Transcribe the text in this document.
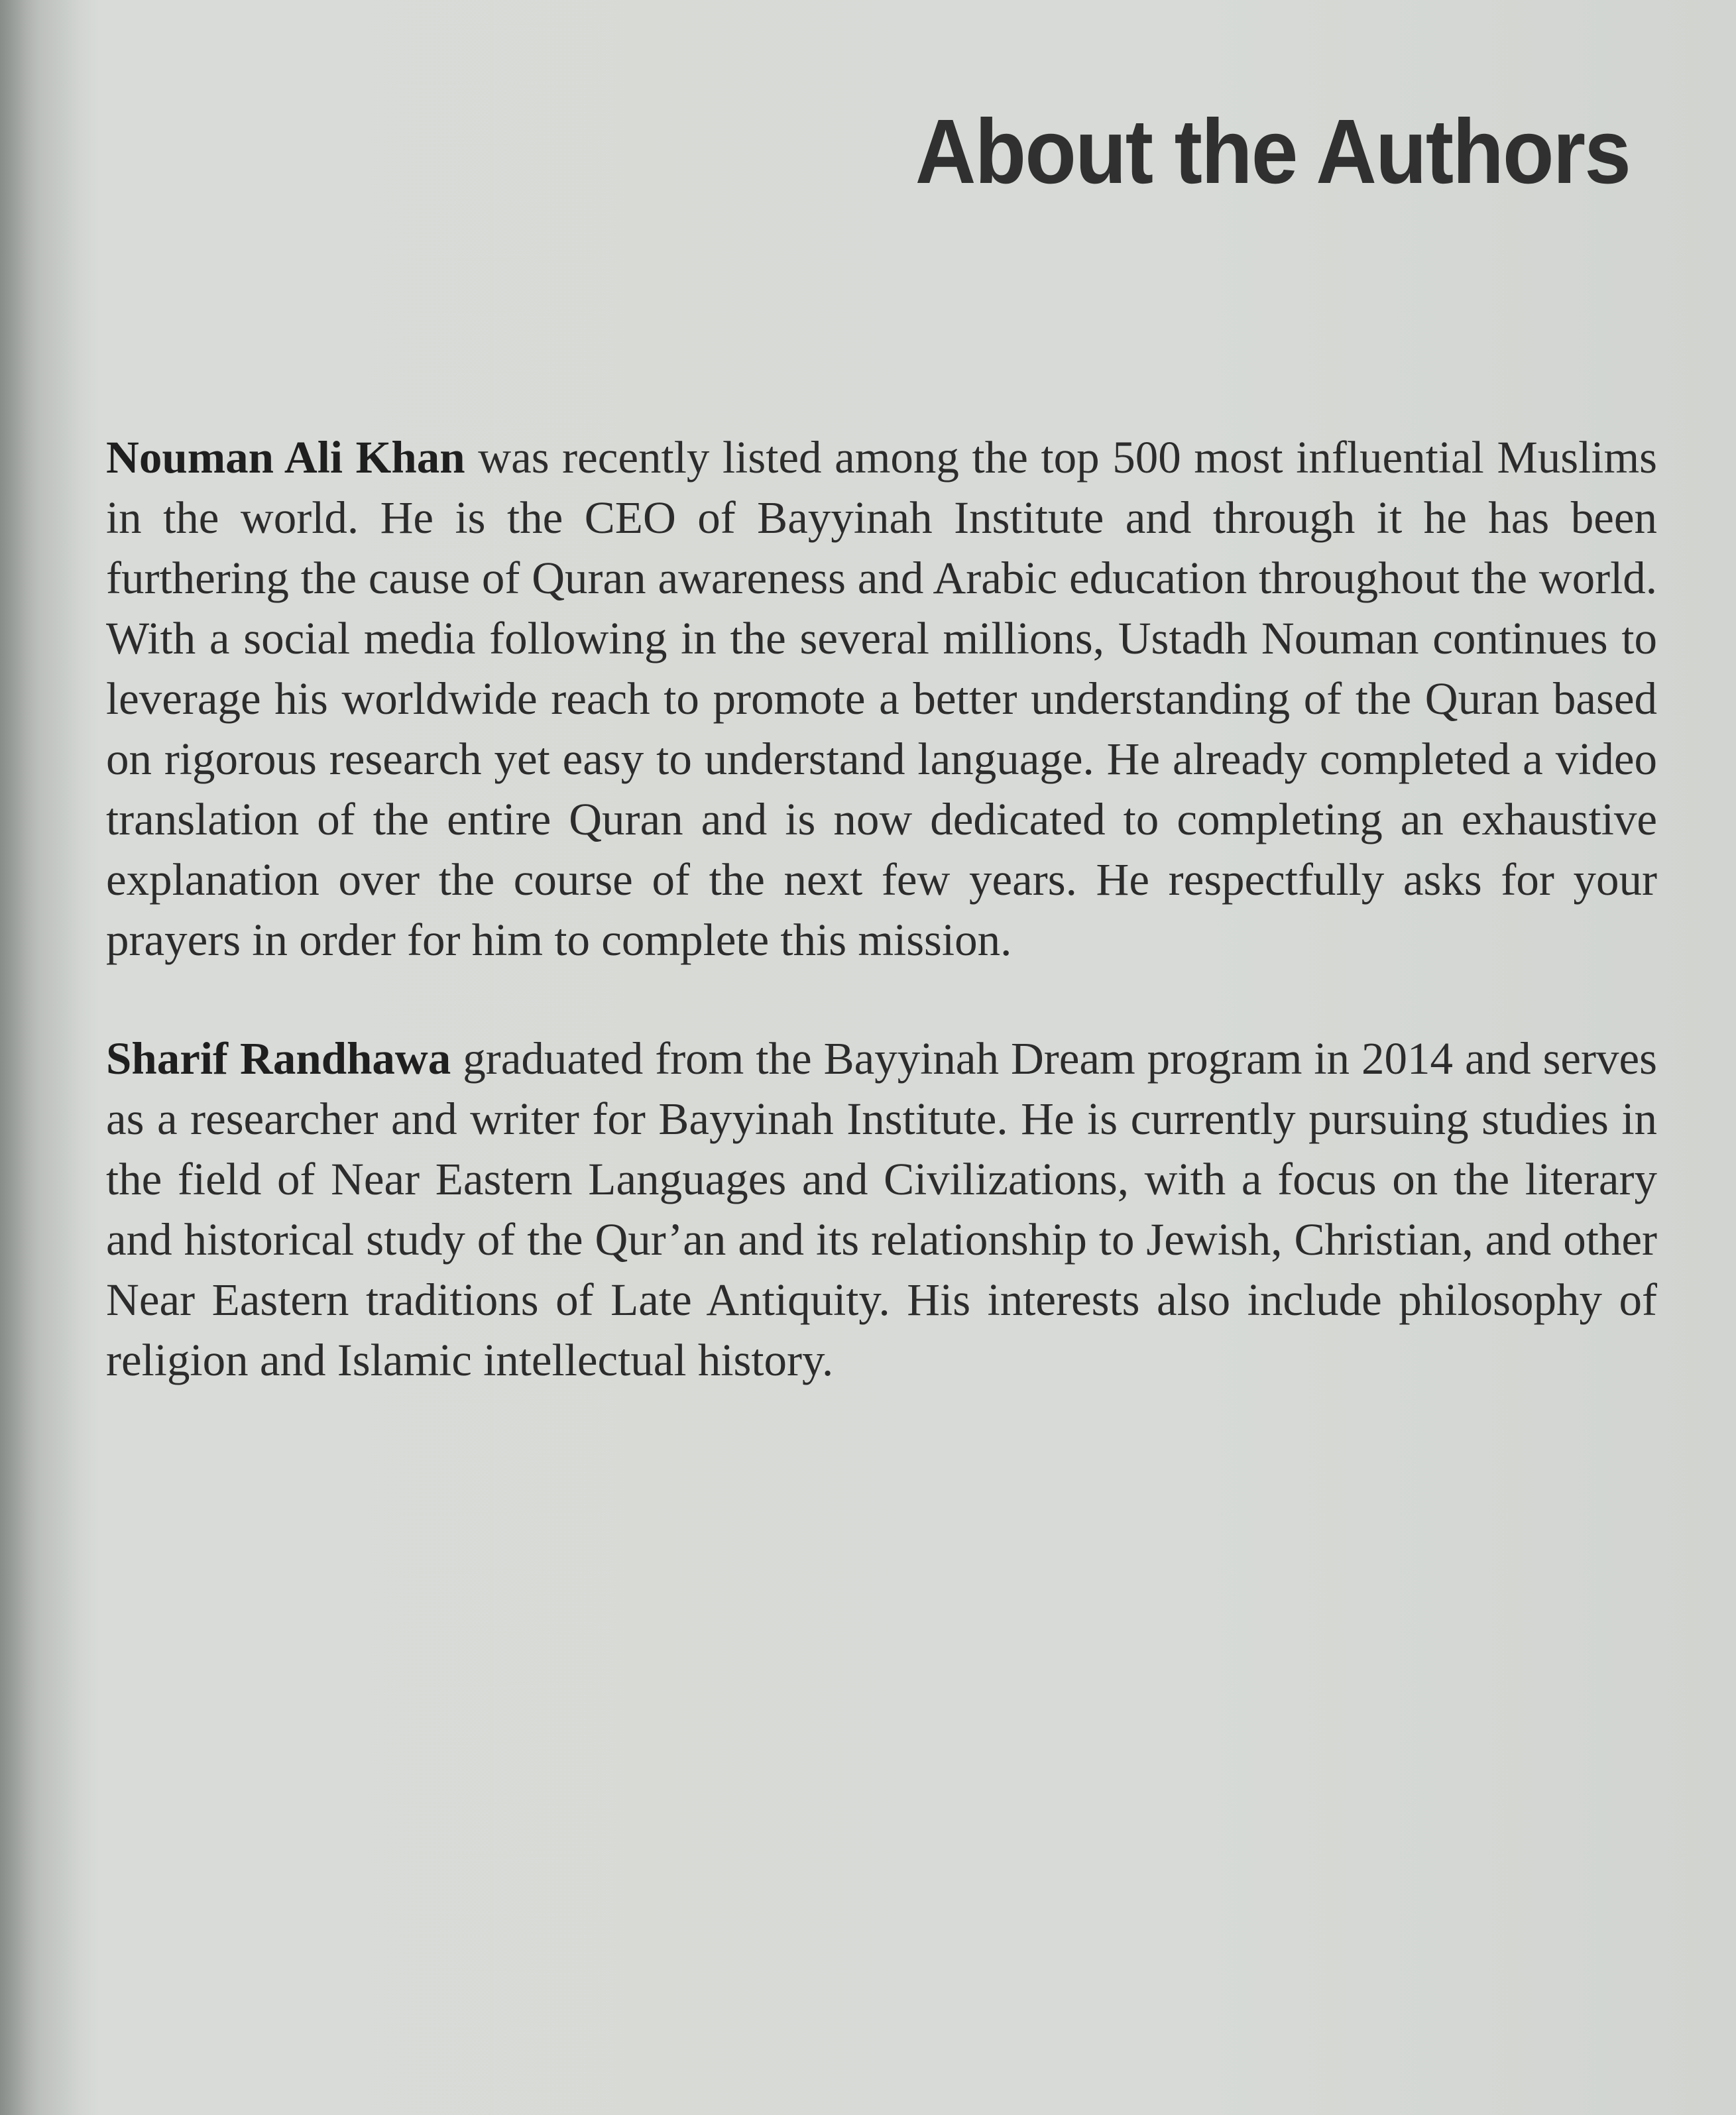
About the Authors

Nouman Ali Khan was recently listed among the top 500 most influential Muslims in the world. He is the CEO of Bayyinah Institute and through it he has been furthering the cause of Quran awareness and Arabic education throughout the world. With a social media following in the several millions, Ustadh Nouman continues to leverage his worldwide reach to promote a better understanding of the Quran based on rigorous research yet easy to understand language. He already completed a video translation of the entire Quran and is now dedicated to completing an exhaustive explanation over the course of the next few years. He respectfully asks for your prayers in order for him to complete this mission.

Sharif Randhawa graduated from the Bayyinah Dream program in 2014 and serves as a researcher and writer for Bayyinah Institute. He is currently pursuing studies in the field of Near Eastern Languages and Civilizations, with a focus on the literary and historical study of the Qur’an and its relationship to Jewish, Christian, and other Near Eastern traditions of Late Antiquity. His interests also include philosophy of religion and Islamic intellectual history.
